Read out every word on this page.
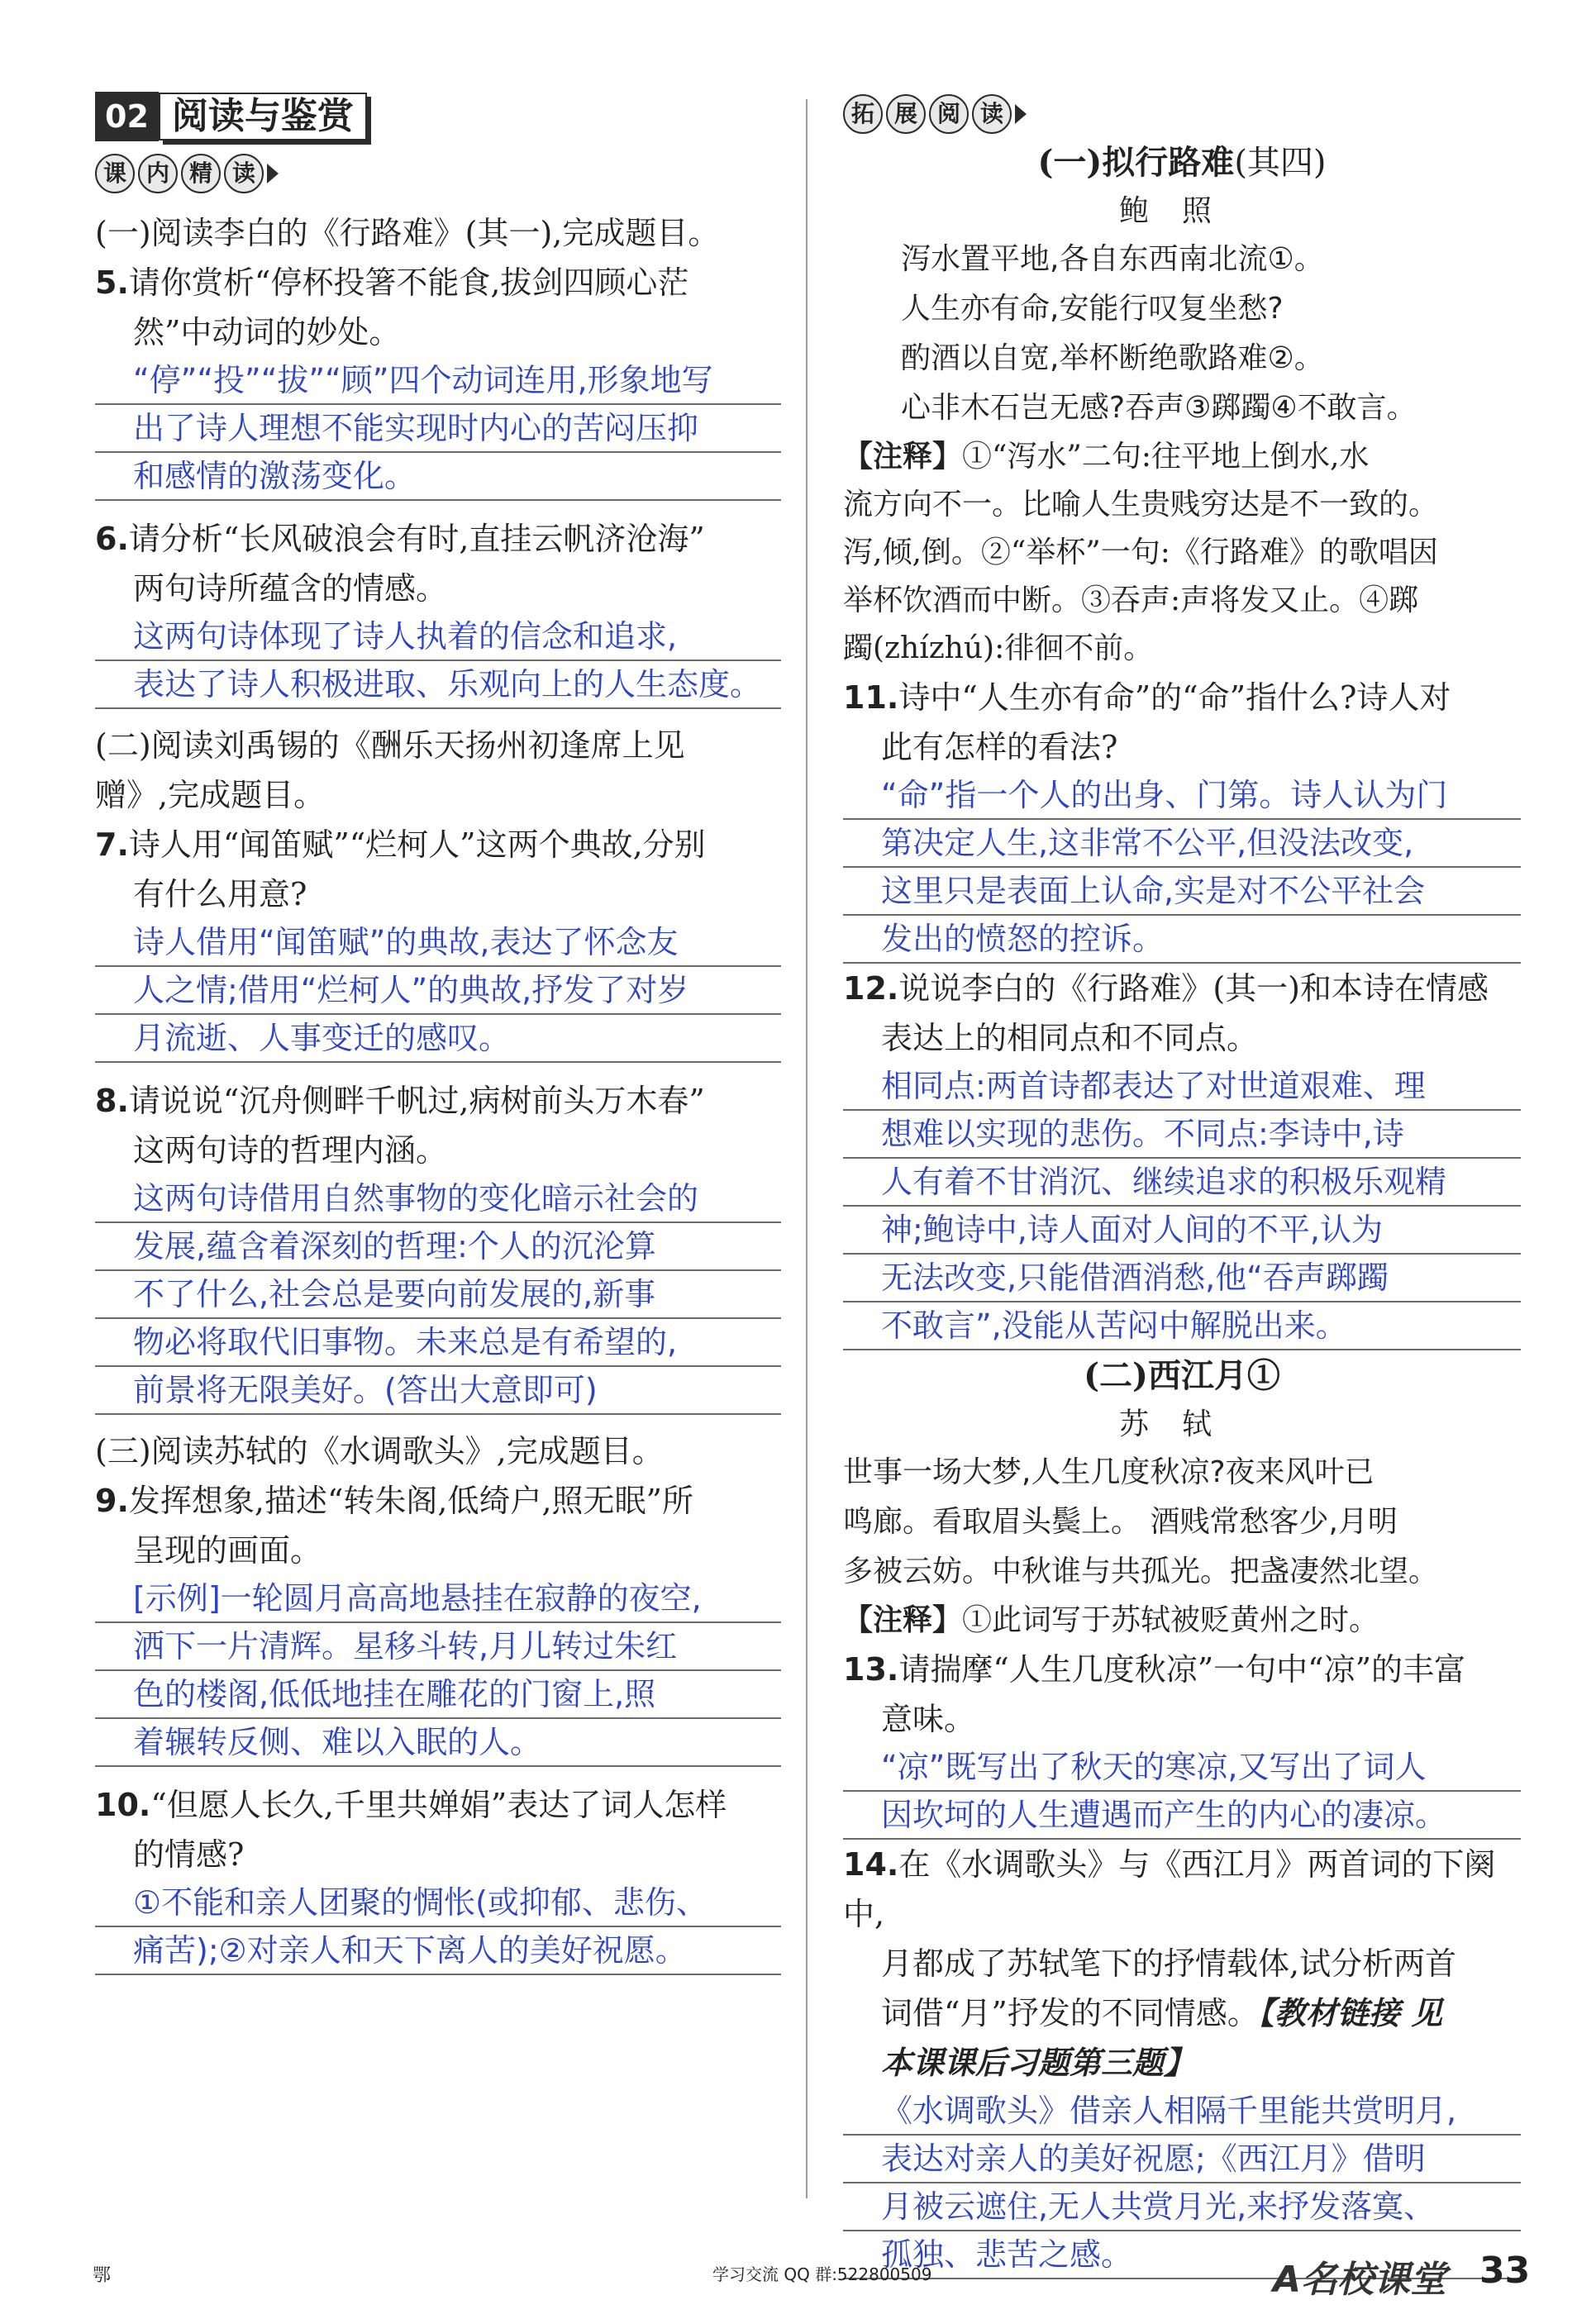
02 阅读与鉴赏
课 内 精 读
(一)阅读李白的《行路难》(其一),完成题目。
5.请你赏析“停杯投箸不能食,拔剑四顾心茫
然”中动词的妙处。
“停”“投”“拔”“顾”四个动词连用,形象地写
出了诗人理想不能实现时内心的苦闷压抑
和感情的激荡变化。
6.请分析“长风破浪会有时,直挂云帆济沧海”
两句诗所蕴含的情感。
这两句诗体现了诗人执着的信念和追求,
表达了诗人积极进取、乐观向上的人生态度。
(二)阅读刘禹锡的《酬乐天扬州初逢席上见
赠》,完成题目。
7.诗人用“闻笛赋”“烂柯人”这两个典故,分别
有什么用意?
诗人借用“闻笛赋”的典故,表达了怀念友
人之情;借用“烂柯人”的典故,抒发了对岁
月流逝、人事变迁的感叹。
8.请说说“沉舟侧畔千帆过,病树前头万木春”
这两句诗的哲理内涵。
这两句诗借用自然事物的变化暗示社会的
发展,蕴含着深刻的哲理:个人的沉沦算
不了什么,社会总是要向前发展的,新事
物必将取代旧事物。未来总是有希望的,
前景将无限美好。(答出大意即可)
(三)阅读苏轼的《水调歌头》,完成题目。
9.发挥想象,描述“转朱阁,低绮户,照无眠”所
呈现的画面。
[示例]一轮圆月高高地悬挂在寂静的夜空,
洒下一片清辉。星移斗转,月儿转过朱红
色的楼阁,低低地挂在雕花的门窗上,照
着辗转反侧、难以入眠的人。
10.“但愿人长久,千里共婵娟”表达了词人怎样
的情感?
①不能和亲人团聚的惆怅(或抑郁、悲伤、
痛苦);②对亲人和天下离人的美好祝愿。
拓 展 阅 读
(一)拟行路难(其四)
鲍照
泻水置平地,各自东西南北流①。
人生亦有命,安能行叹复坐愁?
酌酒以自宽,举杯断绝歌路难②。
心非木石岂无感?吞声③踯躅④不敢言。
【注释】①“泻水”二句:往平地上倒水,水
流方向不一。比喻人生贵贱穷达是不一致的。
泻,倾,倒。②“举杯”一句:《行路难》的歌唱因
举杯饮酒而中断。③吞声:声将发又止。④踯
躅(zhízhú):徘徊不前。
11.诗中“人生亦有命”的“命”指什么?诗人对
此有怎样的看法?
“命”指一个人的出身、门第。诗人认为门
第决定人生,这非常不公平,但没法改变,
这里只是表面上认命,实是对不公平社会
发出的愤怒的控诉。
12.说说李白的《行路难》(其一)和本诗在情感
表达上的相同点和不同点。
相同点:两首诗都表达了对世道艰难、理
想难以实现的悲伤。不同点:李诗中,诗
人有着不甘消沉、继续追求的积极乐观精
神;鲍诗中,诗人面对人间的不平,认为
无法改变,只能借酒消愁,他“吞声踯躅
不敢言”,没能从苦闷中解脱出来。
(二)西江月①
苏轼
世事一场大梦,人生几度秋凉?夜来风叶已
鸣廊。看取眉头鬓上。 酒贱常愁客少,月明
多被云妨。中秋谁与共孤光。把盏凄然北望。
【注释】①此词写于苏轼被贬黄州之时。
13.请揣摩“人生几度秋凉”一句中“凉”的丰富
意味。
“凉”既写出了秋天的寒凉,又写出了词人
因坎坷的人生遭遇而产生的内心的凄凉。
14.在《水调歌头》与《西江月》两首词的下阕中,
月都成了苏轼笔下的抒情载体,试分析两首
词借“月”抒发的不同情感。【教材链接 见
本课课后习题第三题】
《水调歌头》借亲人相隔千里能共赏明月,
表达对亲人的美好祝愿;《西江月》借明
月被云遮住,无人共赏月光,来抒发落寞、
孤独、悲苦之感。
鄂	学习交流 QQ 群:522800509	A名校课堂 33
